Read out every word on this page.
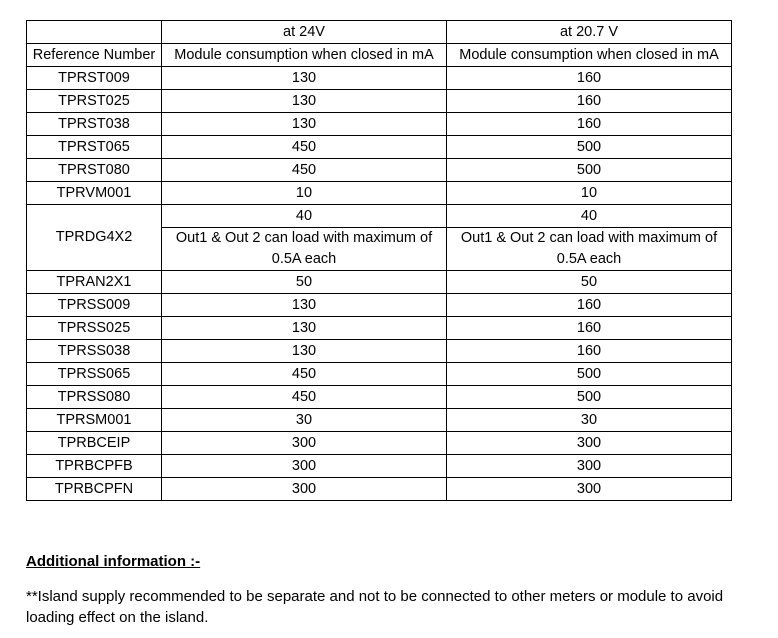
	at 24V	at 20.7 V
Reference Number	Module consumption when closed in mA	Module consumption when closed in mA
TPRST009	130	160
TPRST025	130	160
TPRST038	130	160
TPRST065	450	500
TPRST080	450	500
TPRVM001	10	10
TPRDG4X2	40	40
	Out1 & Out 2 can load with maximum of 0.5A each	Out1 & Out 2 can load with maximum of 0.5A each
TPRAN2X1	50	50
TPRSS009	130	160
TPRSS025	130	160
TPRSS038	130	160
TPRSS065	450	500
TPRSS080	450	500
TPRSM001	30	30
TPRBCEIP	300	300
TPRBCPFB	300	300
TPRBCPFN	300	300

Additional information :-

**Island supply recommended to be separate and not to be connected to other meters or module to avoid loading effect on the island.
